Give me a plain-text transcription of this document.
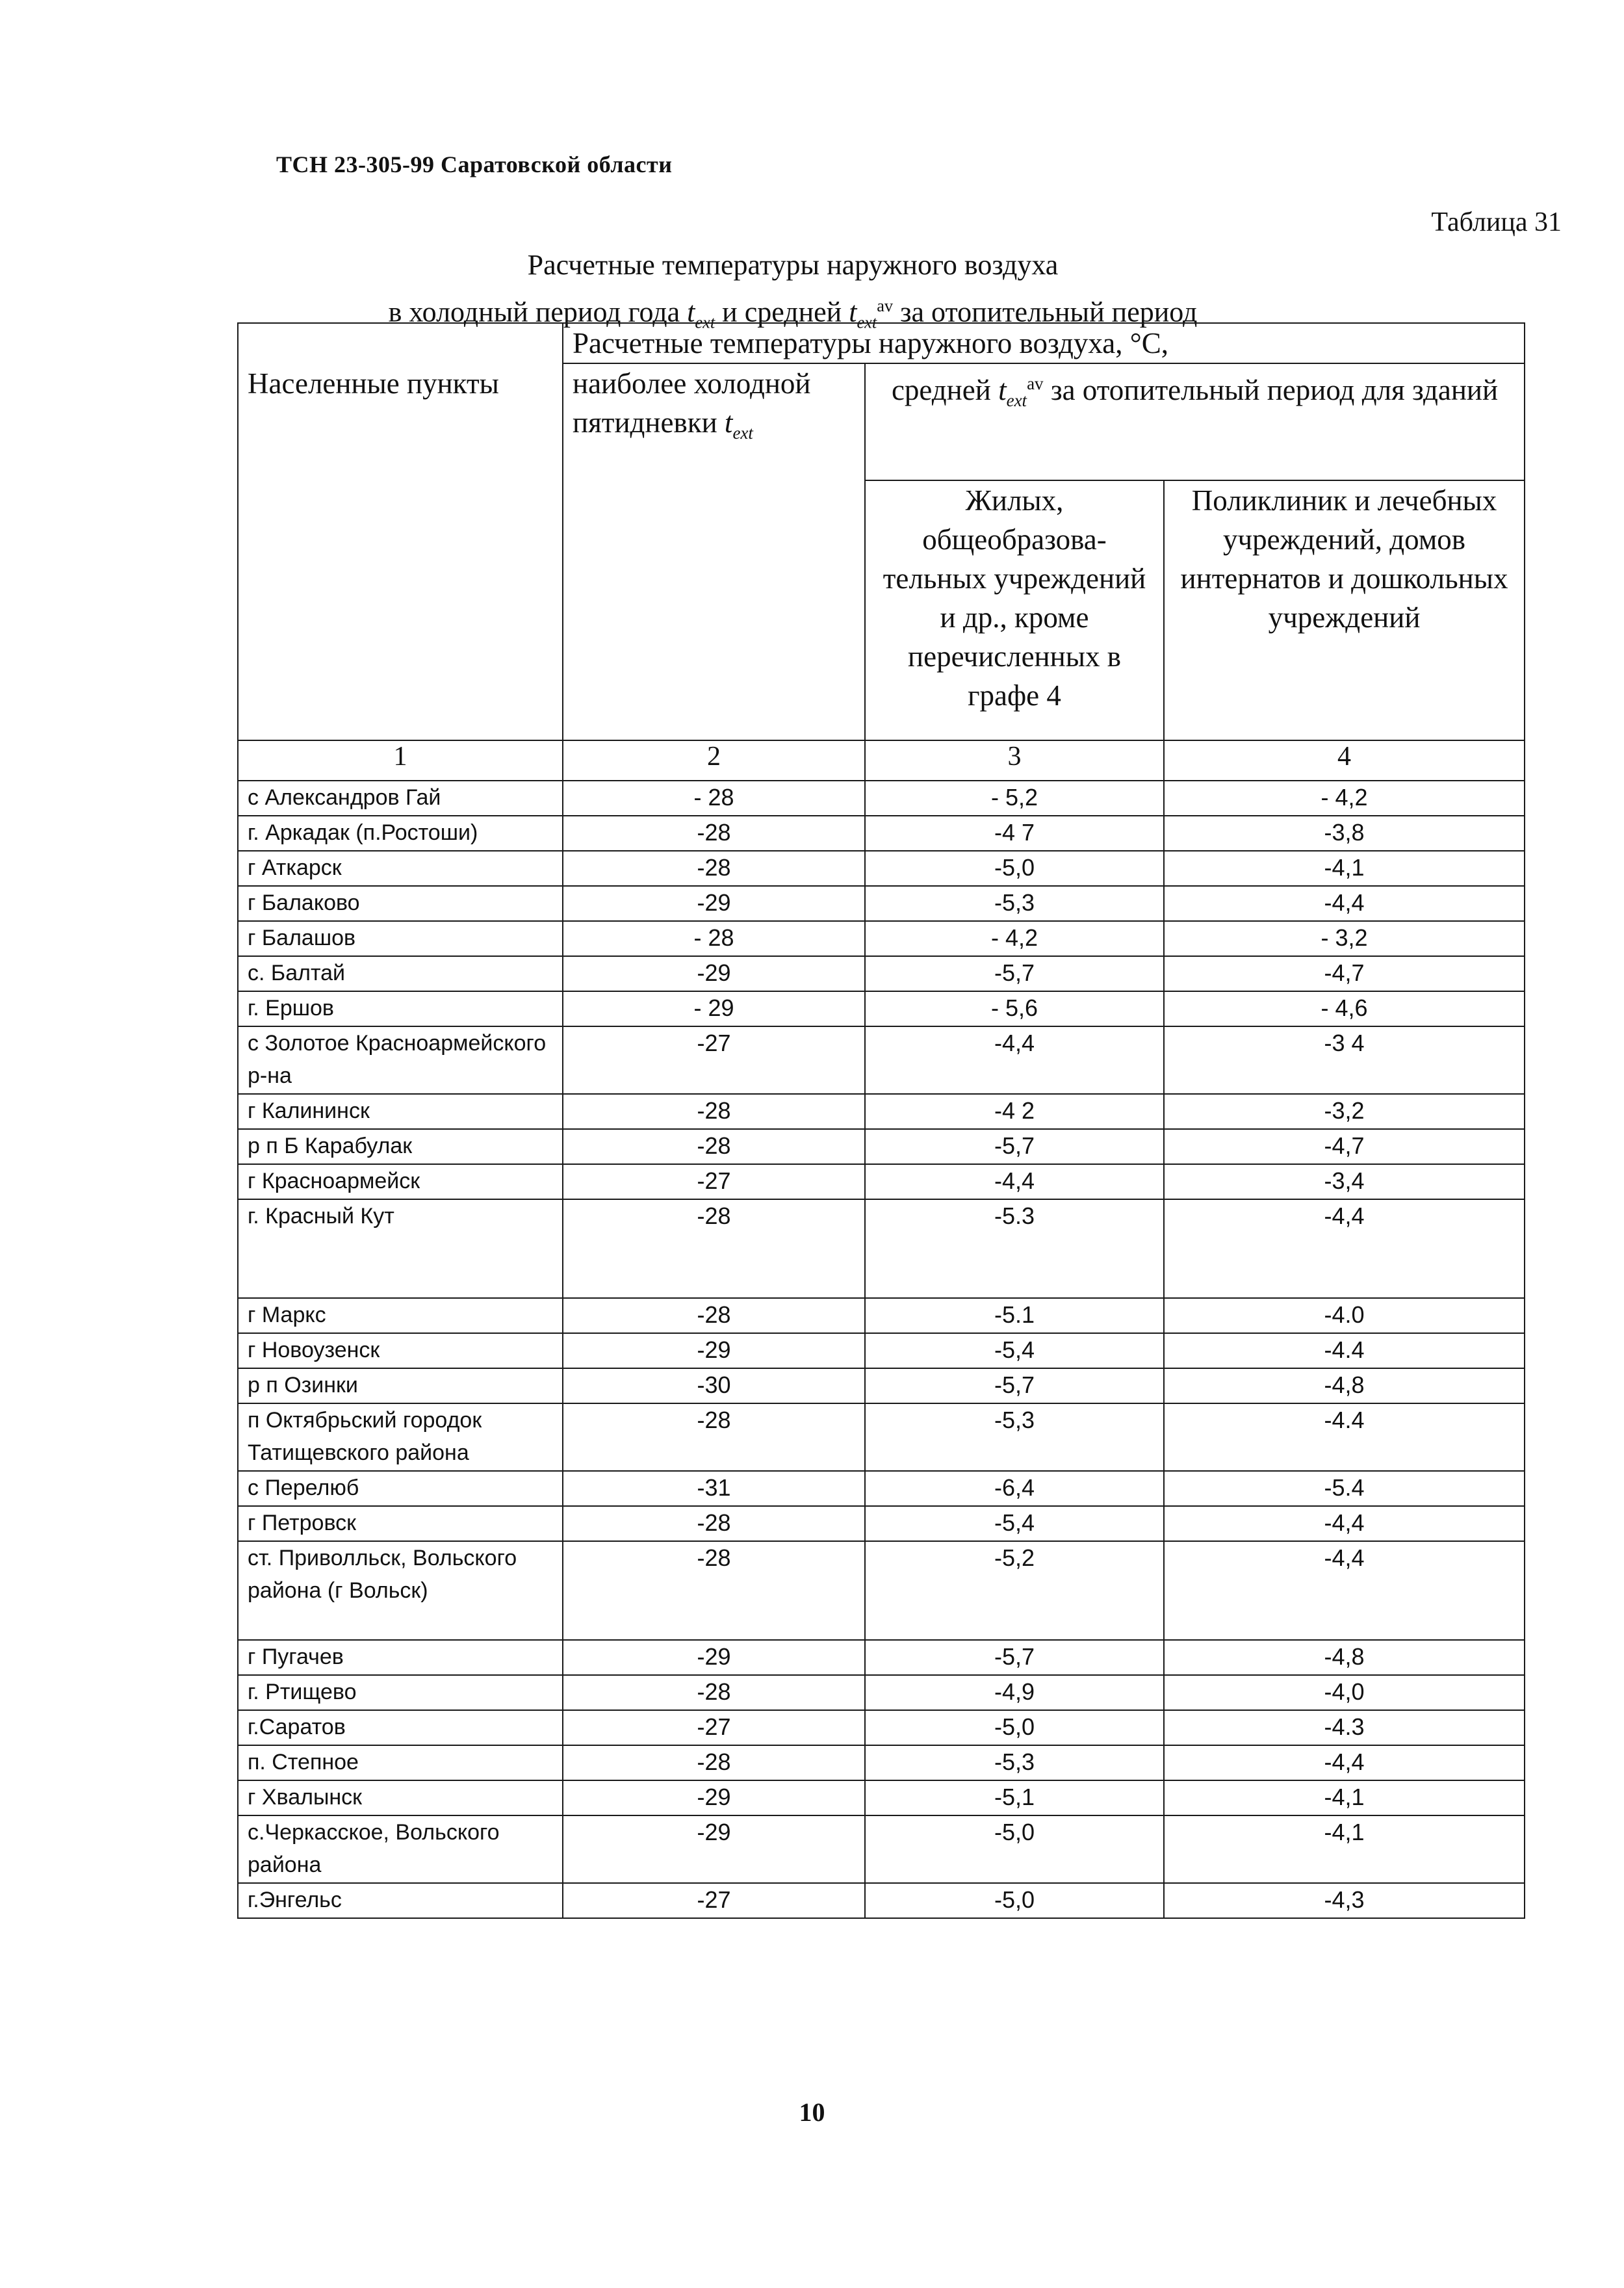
ТСН 23-305-99 Саратовской области
Таблица 31
Расчетные температуры наружного воздуха
в холодный период года $t_{ext}$ и средней $t_{ext}^{av}$ за отопительный период
Населенные пункты	Расчетные температуры наружного воздуха, °С,		
	наиболее холодной пятидневки $t_{ext}$	средней $t_{ext}^{av}$ за отопительный период для зданий	
		Жилых, общеобразова-тельных учреждений и др., кроме перечисленных в графе 4	Поликлиник и лечебных учреждений, домов интернатов и дошкольных учреждений
1	2	3	4
с Александров Гай	- 28	- 5,2	- 4,2
г. Аркадак (п.Ростоши)	-28	-4 7	-3,8
г Аткарск	-28	-5,0	-4,1
г Балаково	-29	-5,3	-4,4
г Балашов	- 28	- 4,2	- 3,2
с. Балтай	-29	-5,7	-4,7
г. Ершов	- 29	- 5,6	- 4,6
с Золотое Красноармейского р-на	-27	-4,4	-3 4
г Калининск	-28	-4 2	-3,2
р п Б Карабулак	-28	-5,7	-4,7
г Красноармейск	-27	-4,4	-3,4
г. Красный Кут	-28	-5.3	-4,4
г Маркс	-28	-5.1	-4.0
г Новоузенск	-29	-5,4	-4.4
р п Озинки	-30	-5,7	-4,8
п Октябрьский городок Татищевского района	-28	-5,3	-4.4
с Перелюб	-31	-6,4	-5.4
г Петровск	-28	-5,4	-4,4
ст. Приволльск, Вольского района (г Вольск)	-28	-5,2	-4,4
г Пугачев	-29	-5,7	-4,8
г. Ртищево	-28	-4,9	-4,0
г.Саратов	-27	-5,0	-4.3
п. Степное	-28	-5,3	-4,4
г Хвалынск	-29	-5,1	-4,1
с.Черкасское, Вольского района	-29	-5,0	-4,1
г.Энгельс	-27	-5,0	-4,3
10
